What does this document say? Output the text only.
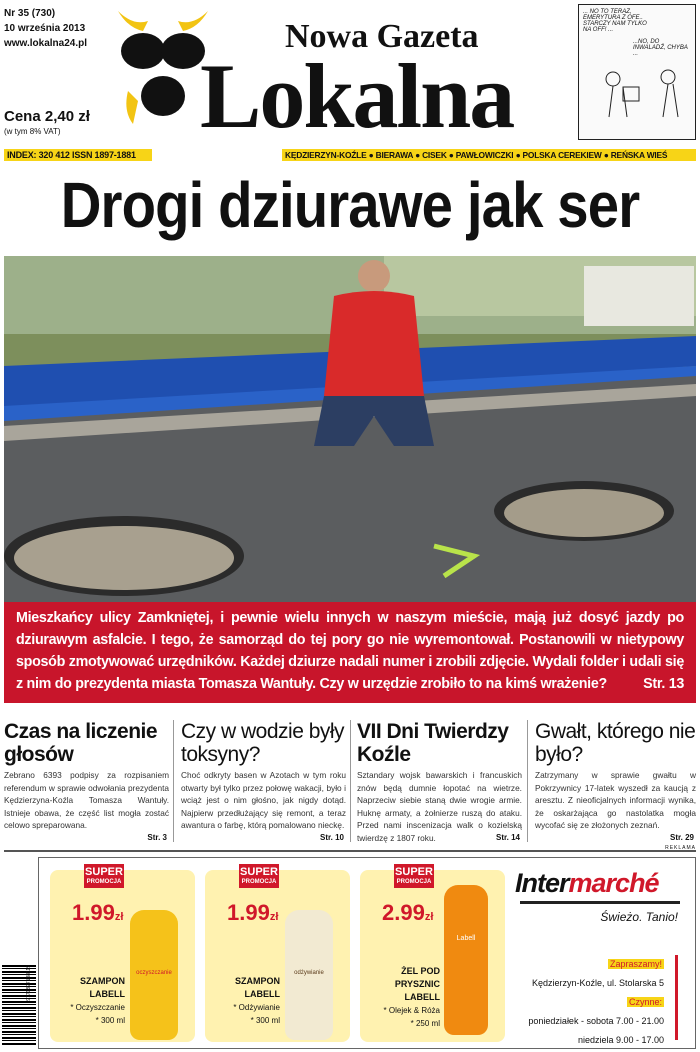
Nr 35 (730)
10 września 2013
www.lokalna24.pl
Cena 2,40 zł
(w tym 8% VAT)
Nowa Gazeta
Lokalna
... NO TO TERAZ, EMERYTURA Z OFE.. STARCZY NAM TYLKO NA OFF! ...
...NO, DO INWALADŹ, CHYBA ...
INDEX: 320 412 ISSN 1897-1881	KĘDZIERZYN-KOŹLE ● BIERAWA ● CISEK ● PAWŁOWICZKI ● POLSKA CEREKIEW ● REŃSKA WIEŚ
Drogi dziurawe jak ser
Mieszkańcy ulicy Zamkniętej, i pewnie wielu innych w naszym mieście, mają już dosyć jazdy po dziurawym asfalcie. I tego, że samorząd do tej pory go nie wyremontował. Postanowili w nietypowy sposób zmotywować urzędników. Każdej dziurze nadali numer i zrobili zdjęcie. Wydali folder i udali się z nim do prezydenta miasta Tomasza Wantuły. Czy w urzędzie zrobiło to na kimś wrażenie?	Str. 13
Czas na liczenie głosów

Zebrano 6393 podpisy za rozpisaniem referendum w sprawie odwołania prezydenta Kędzierzyna-Koźla Tomasza Wantuły. Istnieje obawa, że część list mogła zostać celowo spreparowana.

Str. 3
Czy w wodzie były toksyny?

Choć odkryty basen w Azotach w tym roku otwarty był tylko przez połowę wakacji, było i wciąż jest o nim głośno, jak nigdy dotąd. Najpierw przedłużający się remont, a teraz awantura o farbę, którą pomalowano nieckę.

Str. 10
VII Dni Twierdzy Koźle

Sztandary wojsk bawarskich i francuskich znów będą dumnie łopotać na wietrze. Naprzeciw siebie staną dwie wrogie armie. Huknę armaty, a żołnierze ruszą do ataku. Przed nami inscenizacja walk o kozielską twierdzę z 1807 roku.	Str. 14
Gwałt, którego nie było?

Zatrzymany w sprawie gwałtu w Pokrzywnicy 17-latek wyszedł za kaucją z aresztu. Z nieoficjalnych informacji wynika, że oskarżająca go nastolatka mogła wycofać się ze złożonych zeznań.

Str. 29
REKLAMA
9771897188119
SUPER
PROMOCJA
1.99zł
oczyszczanie
SZAMPON
LABELL
* Oczyszczanie
* 300 ml
SUPER
PROMOCJA
1.99zł
odżywianie
SZAMPON
LABELL
* Odżywianie
* 300 ml
SUPER
PROMOCJA
2.99zł
Labell
ŻEL POD PRYSZNIC
LABELL
* Olejek & Róża
* 250 ml
Intermarché
Świeżo. Tanio!
Zapraszamy!
Kędzierzyn-Koźle, ul. Stolarska 5
Czynne:
poniedziałek - sobota 7.00 - 21.00
niedziela 9.00 - 17.00
